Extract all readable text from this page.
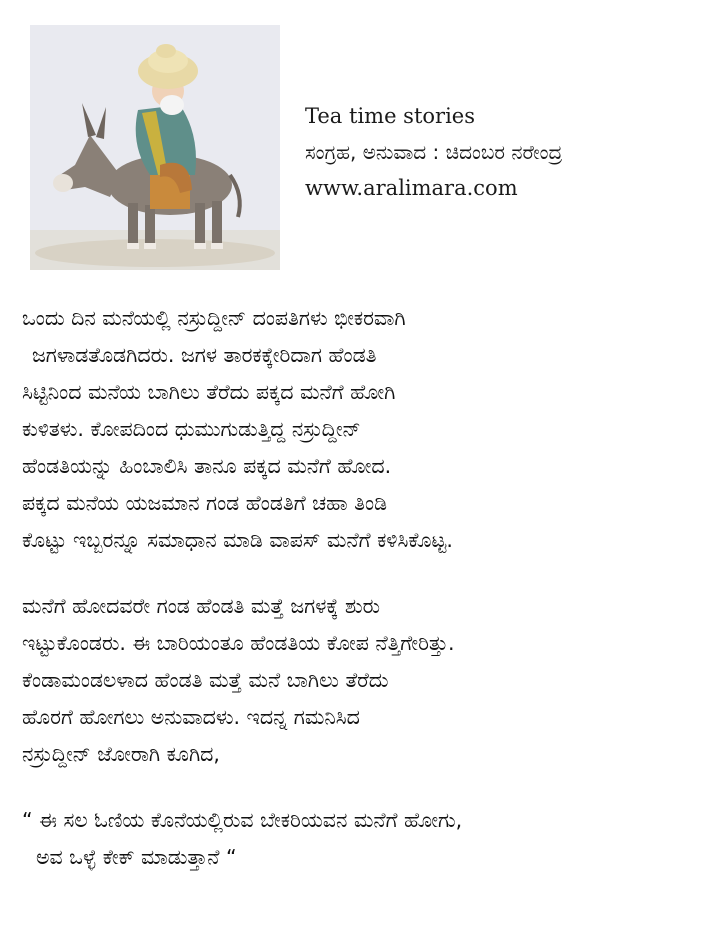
Tea time stories
ಸಂಗ್ರಹ, ಅನುವಾದ : ಚಿದಂಬರ ನರೇಂದ್ರ
www.aralimara.com
ಒಂದು ದಿನ ಮನೆಯಲ್ಲಿ ನಸ್ರುದ್ದೀನ್ ದಂಪತಿಗಳು ಭೀಕರವಾಗಿ
ಜಗಳಾಡತೊಡಗಿದರು. ಜಗಳ ತಾರಕಕ್ಕೇರಿದಾಗ ಹೆಂಡತಿ
ಸಿಟ್ಟಿನಿಂದ ಮನೆಯ ಬಾಗಿಲು ತೆರೆದು ಪಕ್ಕದ ಮನೆಗೆ ಹೋಗಿ
ಕುಳಿತಳು. ಕೋಪದಿಂದ ಧುಮುಗುಡುತ್ತಿದ್ದ ನಸ್ರುದ್ದೀನ್
ಹೆಂಡತಿಯನ್ನು ಹಿಂಬಾಲಿಸಿ ತಾನೂ ಪಕ್ಕದ ಮನೆಗೆ ಹೋದ.
ಪಕ್ಕದ ಮನೆಯ ಯಜಮಾನ ಗಂಡ ಹೆಂಡತಿಗೆ ಚಹಾ ತಿಂಡಿ
ಕೊಟ್ಟು ಇಬ್ಬರನ್ನೂ ಸಮಾಧಾನ ಮಾಡಿ ವಾಪಸ್ ಮನೆಗೆ ಕಳಿಸಿಕೊಟ್ಟ.
ಮನೆಗೆ ಹೋದವರೇ ಗಂಡ ಹೆಂಡತಿ ಮತ್ತೆ ಜಗಳಕ್ಕೆ ಶುರು
ಇಟ್ಟುಕೊಂಡರು. ಈ ಬಾರಿಯಂತೂ ಹೆಂಡತಿಯ ಕೋಪ ನೆತ್ತಿಗೇರಿತ್ತು.
ಕೆಂಡಾಮಂಡಲಳಾದ ಹೆಂಡತಿ ಮತ್ತೆ ಮನೆ ಬಾಗಿಲು ತೆರೆದು
ಹೊರಗೆ ಹೋಗಲು ಅನುವಾದಳು. ಇದನ್ನ ಗಮನಿಸಿದ
ನಸ್ರುದ್ದೀನ್ ಜೋರಾಗಿ ಕೂಗಿದ,
“ ಈ ಸಲ ಓಣಿಯ ಕೊನೆಯಲ್ಲಿರುವ ಬೇಕರಿಯವನ ಮನೆಗೆ ಹೋಗು,
ಅವ ಒಳ್ಳೆ ಕೇಕ್ ಮಾಡುತ್ತಾನೆ “
